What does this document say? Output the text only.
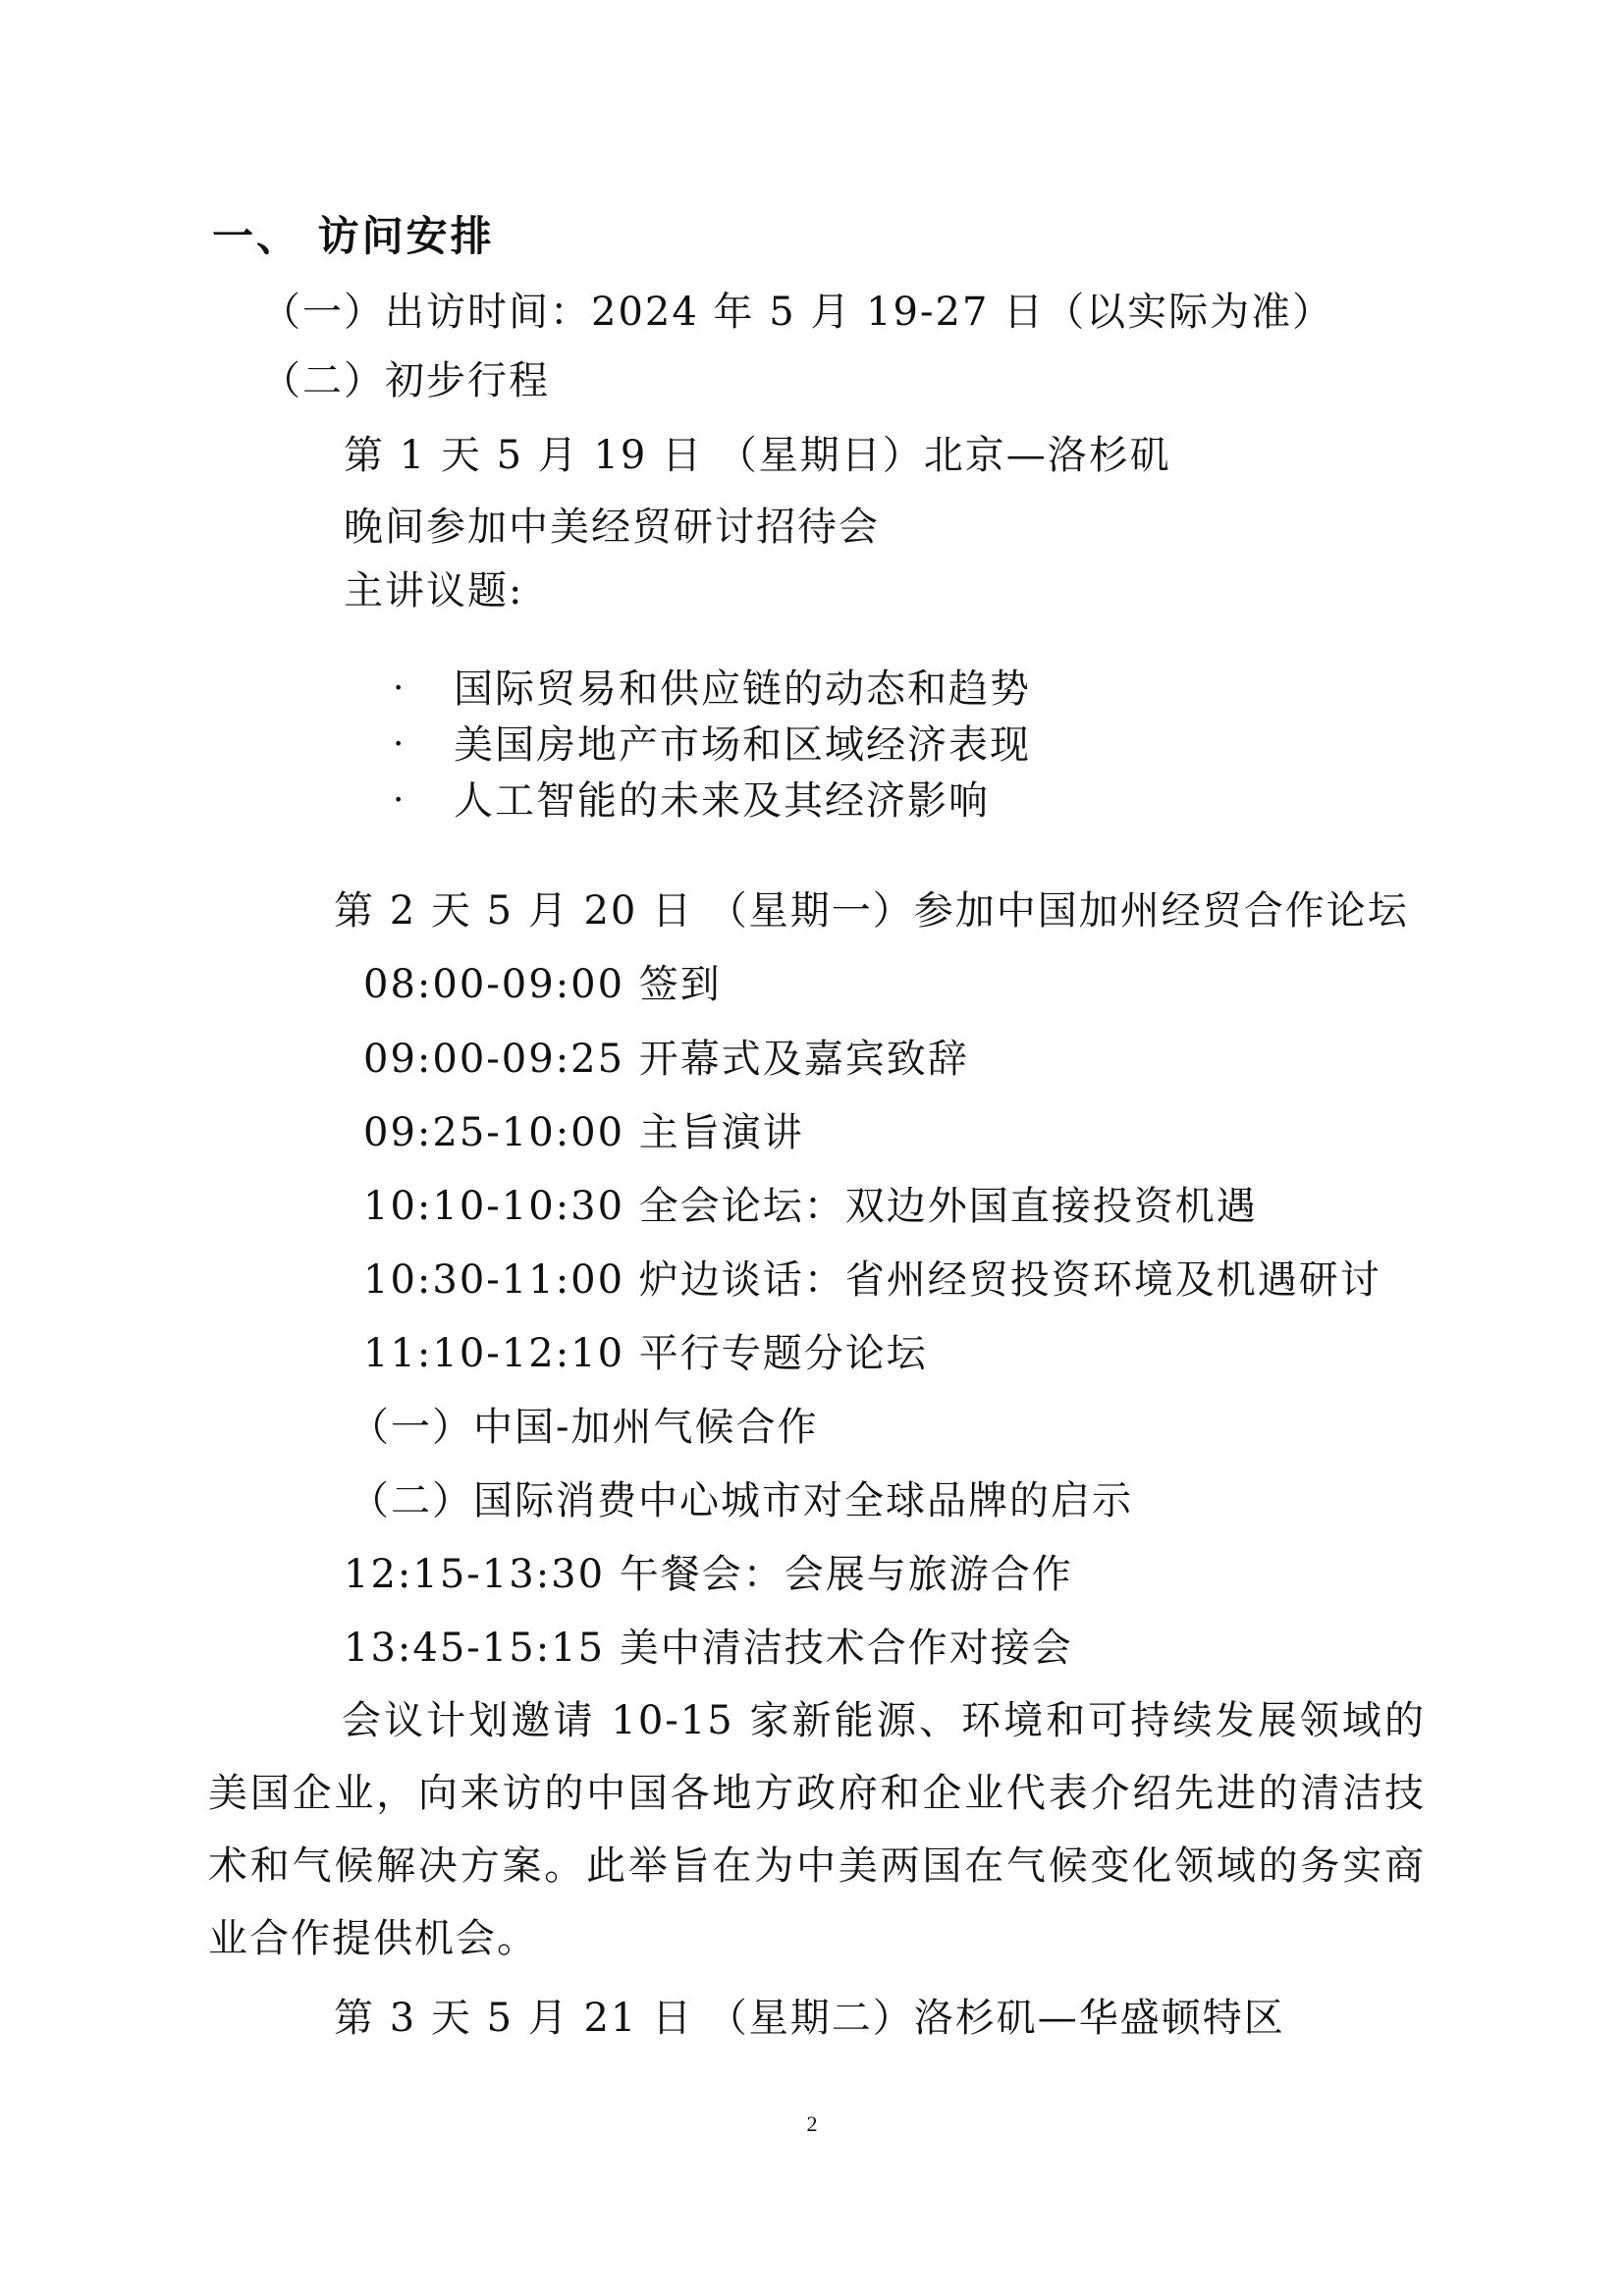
一、 访问安排
（一）出访时间：2024 年 5 月 19-27 日（以实际为准）
（二）初步行程
第 1 天 5 月 19 日 （星期日）北京—洛杉矶
晚间参加中美经贸研讨招待会
主讲议题:
· 国际贸易和供应链的动态和趋势
· 美国房地产市场和区域经济表现
· 人工智能的未来及其经济影响
第 2 天 5 月 20 日 （星期一）参加中国加州经贸合作论坛
08:00-09:00 签到
09:00-09:25 开幕式及嘉宾致辞
09:25-10:00 主旨演讲
10:10-10:30 全会论坛：双边外国直接投资机遇
10:30-11:00 炉边谈话：省州经贸投资环境及机遇研讨
11:10-12:10 平行专题分论坛
（一）中国-加州气候合作
（二）国际消费中心城市对全球品牌的启示
12:15-13:30 午餐会：会展与旅游合作
13:45-15:15 美中清洁技术合作对接会
会议计划邀请 10-15 家新能源、环境和可持续发展领域的美国企业，向来访的中国各地方政府和企业代表介绍先进的清洁技术和气候解决方案。此举旨在为中美两国在气候变化领域的务实商业合作提供机会。
第 3 天 5 月 21 日 （星期二）洛杉矶—华盛顿特区
2
